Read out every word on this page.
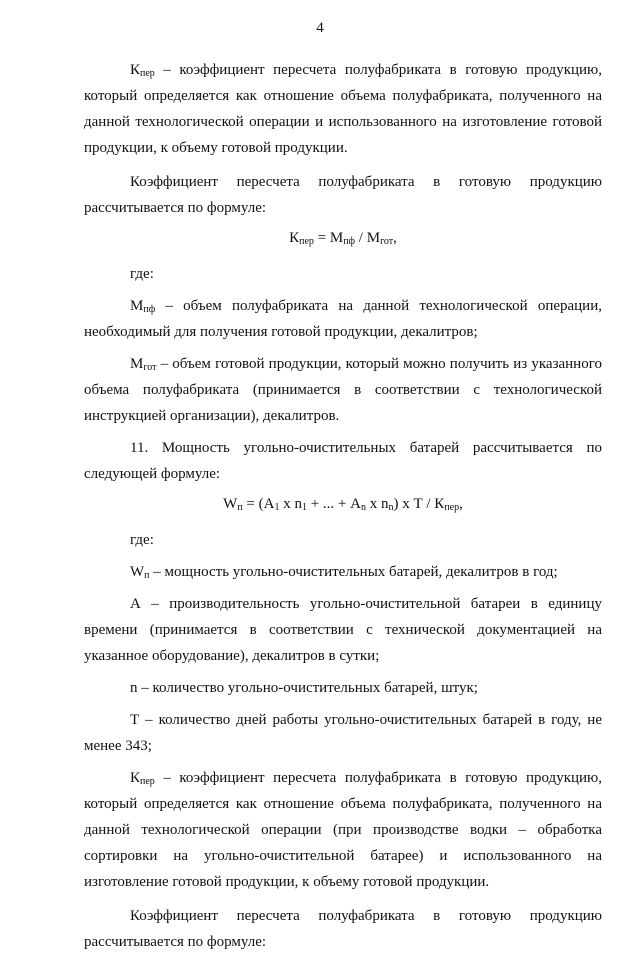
4

$К_{пер}$ – коэффициент пересчета полуфабриката в готовую продукцию, который определяется как отношение объема полуфабриката, полученного на данной технологической операции и использованного на изготовление готовой продукции, к объему готовой продукции.

Коэффициент пересчета полуфабриката в готовую продукцию рассчитывается по формуле:

$К_{пер} = М_{пф} / М_{гот}$,

где:

$М_{пф}$ – объем полуфабриката на данной технологической операции, необходимый для получения готовой продукции, декалитров;

$М_{гот}$ – объем готовой продукции, который можно получить из указанного объема полуфабриката (принимается в соответствии с технологической инструкцией организации), декалитров.

11. Мощность угольно-очистительных батарей рассчитывается по следующей формуле:

$W_п = (А_1$ х $n_1$ + ... + $А_n$ х $n_n$) х Т / $К_{пер}$,

где:

$W_п$ – мощность угольно-очистительных батарей, декалитров в год;

А – производительность угольно-очистительной батареи в единицу времени (принимается в соответствии с технической документацией на указанное оборудование), декалитров в сутки;

n – количество угольно-очистительных батарей, штук;

Т – количество дней работы угольно-очистительных батарей в году, не менее 343;

$К_{пер}$ – коэффициент пересчета полуфабриката в готовую продукцию, который определяется как отношение объема полуфабриката, полученного на данной технологической операции (при производстве водки – обработка сортировки на угольно-очистительной батарее) и использованного на изготовление готовой продукции, к объему готовой продукции.

Коэффициент пересчета полуфабриката в готовую продукцию рассчитывается по формуле:
